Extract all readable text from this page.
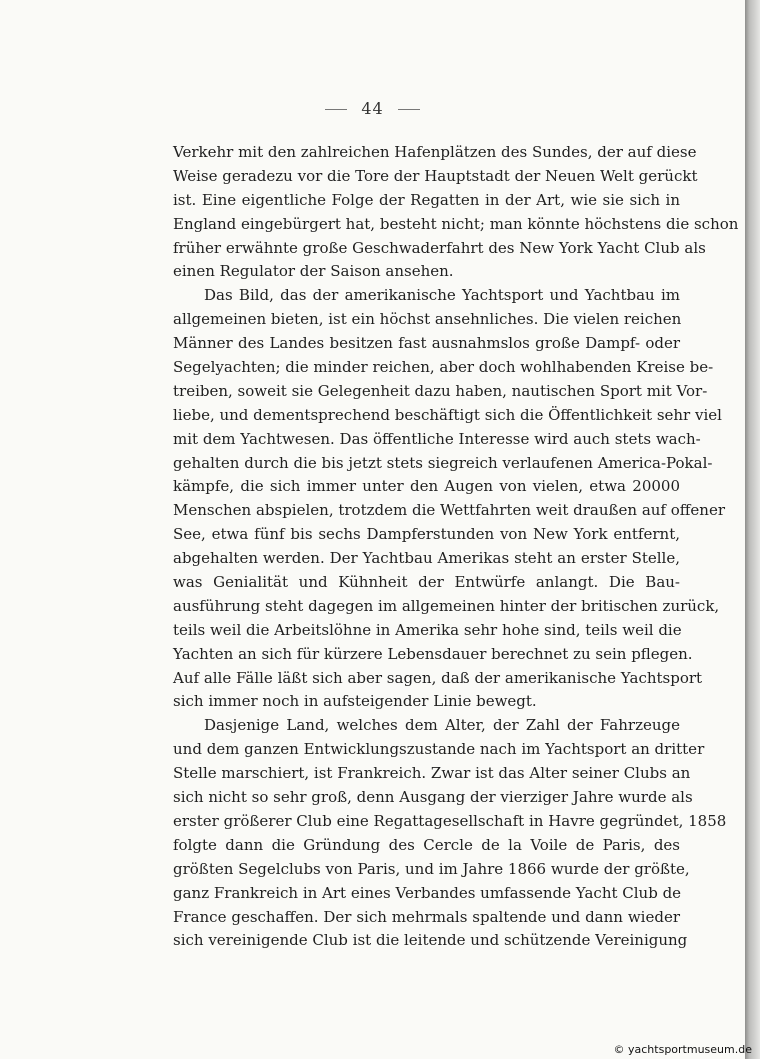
44
Verkehr mit den zahlreichen Hafenplätzen des Sundes, der auf diese
Weise geradezu vor die Tore der Hauptstadt der Neuen Welt gerückt
ist. Eine eigentliche Folge der Regatten in der Art, wie sie sich in
England eingebürgert hat, besteht nicht; man könnte höchstens die schon
früher erwähnte große Geschwaderfahrt des New York Yacht Club als
einen Regulator der Saison ansehen.
Das Bild, das der amerikanische Yachtsport und Yachtbau im
allgemeinen bieten, ist ein höchst ansehnliches. Die vielen reichen
Männer des Landes besitzen fast ausnahmslos große Dampf- oder
Segelyachten; die minder reichen, aber doch wohlhabenden Kreise be-
treiben, soweit sie Gelegenheit dazu haben, nautischen Sport mit Vor-
liebe, und dementsprechend beschäftigt sich die Öffentlichkeit sehr viel
mit dem Yachtwesen. Das öffentliche Interesse wird auch stets wach-
gehalten durch die bis jetzt stets siegreich verlaufenen America-Pokal-
kämpfe, die sich immer unter den Augen von vielen, etwa 20000
Menschen abspielen, trotzdem die Wettfahrten weit draußen auf offener
See, etwa fünf bis sechs Dampferstunden von New York entfernt,
abgehalten werden. Der Yachtbau Amerikas steht an erster Stelle,
was Genialität und Kühnheit der Entwürfe anlangt. Die Bau-
ausführung steht dagegen im allgemeinen hinter der britischen zurück,
teils weil die Arbeitslöhne in Amerika sehr hohe sind, teils weil die
Yachten an sich für kürzere Lebensdauer berechnet zu sein pflegen.
Auf alle Fälle läßt sich aber sagen, daß der amerikanische Yachtsport
sich immer noch in aufsteigender Linie bewegt.
Dasjenige Land, welches dem Alter, der Zahl der Fahrzeuge
und dem ganzen Entwicklungszustande nach im Yachtsport an dritter
Stelle marschiert, ist Frankreich. Zwar ist das Alter seiner Clubs an
sich nicht so sehr groß, denn Ausgang der vierziger Jahre wurde als
erster größerer Club eine Regattagesellschaft in Havre gegründet, 1858
folgte dann die Gründung des Cercle de la Voile de Paris, des
größten Segelclubs von Paris, und im Jahre 1866 wurde der größte,
ganz Frankreich in Art eines Verbandes umfassende Yacht Club de
France geschaffen. Der sich mehrmals spaltende und dann wieder
sich vereinigende Club ist die leitende und schützende Vereinigung
© yachtsportmuseum.de
